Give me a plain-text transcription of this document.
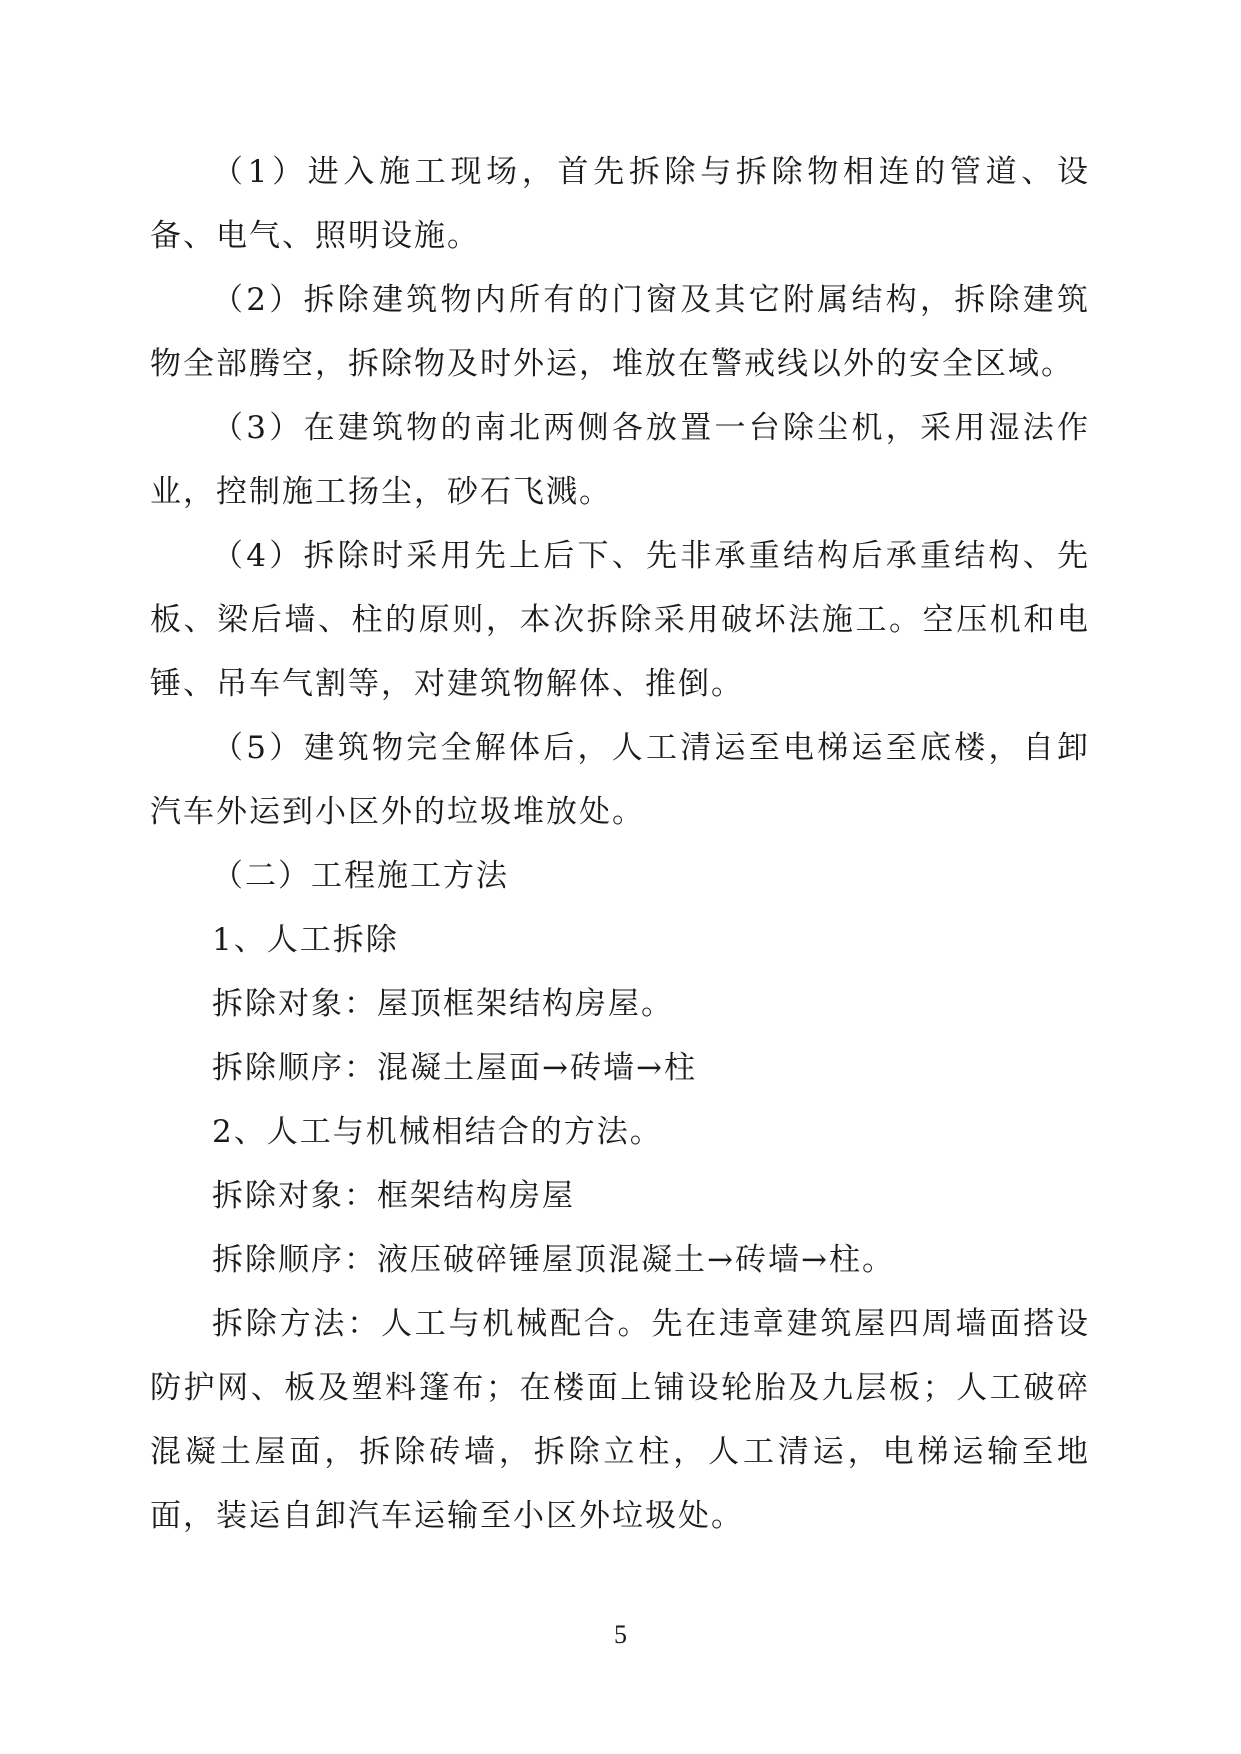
（1）进入施工现场，首先拆除与拆除物相连的管道、设备、电气、照明设施。

（2）拆除建筑物内所有的门窗及其它附属结构，拆除建筑物全部腾空，拆除物及时外运，堆放在警戒线以外的安全区域。

（3）在建筑物的南北两侧各放置一台除尘机，采用湿法作业，控制施工扬尘，砂石飞溅。

（4）拆除时采用先上后下、先非承重结构后承重结构、先板、梁后墙、柱的原则，本次拆除采用破坏法施工。空压机和电锤、吊车气割等，对建筑物解体、推倒。

（5）建筑物完全解体后，人工清运至电梯运至底楼，自卸汽车外运到小区外的垃圾堆放处。

（二）工程施工方法

1、人工拆除

拆除对象：屋顶框架结构房屋。

拆除顺序：混凝土屋面→砖墙→柱

2、人工与机械相结合的方法。

拆除对象：框架结构房屋

拆除顺序：液压破碎锤屋顶混凝土→砖墙→柱。

拆除方法：人工与机械配合。先在违章建筑屋四周墙面搭设防护网、板及塑料篷布；在楼面上铺设轮胎及九层板；人工破碎混凝土屋面，拆除砖墙，拆除立柱，人工清运，电梯运输至地面，装运自卸汽车运输至小区外垃圾处。

5
